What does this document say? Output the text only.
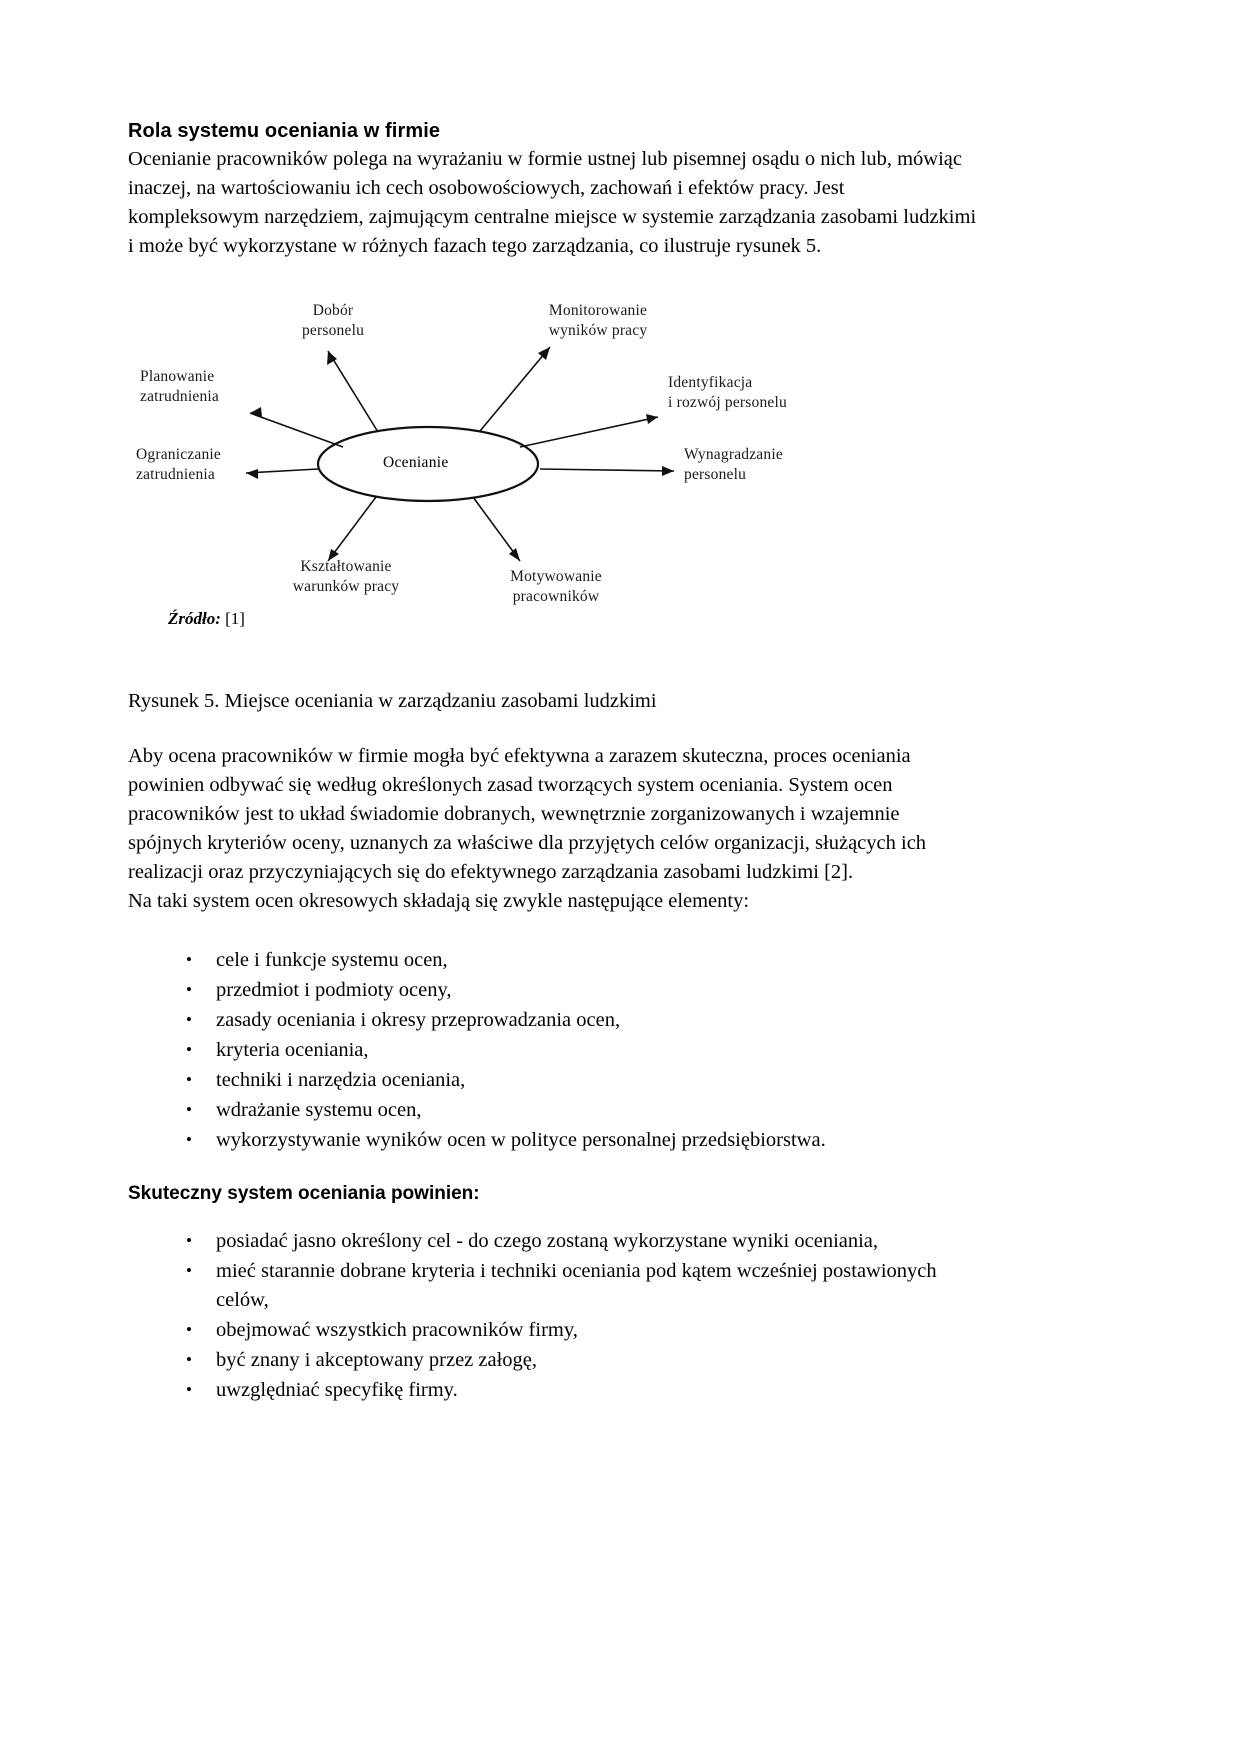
Rola systemu oceniania w firmie

Ocenianie pracowników polega na wyrażaniu w formie ustnej lub pisemnej osądu o nich lub, mówiąc inaczej, na wartościowaniu ich cech osobowościowych, zachowań i efektów pracy. Jest kompleksowym narzędziem, zajmującym centralne miejsce w systemie zarządzania zasobami ludzkimi i może być wykorzystane w różnych fazach tego zarządzania, co ilustruje rysunek 5.

Ocenianie
Dobór
personelu
Monitorowanie
wyników pracy
Planowanie
zatrudnienia
Identyfikacja
i rozwój personelu
Ograniczanie
zatrudnienia
Wynagradzanie
personelu
Kształtowanie
warunków pracy
Motywowanie
pracowników
Źródło: [1]

Rysunek 5. Miejsce oceniania w zarządzaniu zasobami ludzkimi

Aby ocena pracowników w firmie mogła być efektywna a zarazem skuteczna, proces oceniania powinien odbywać się według określonych zasad tworzących system oceniania. System ocen pracowników jest to układ świadomie dobranych, wewnętrznie zorganizowanych i wzajemnie spójnych kryteriów oceny, uznanych za właściwe dla przyjętych celów organizacji, służących ich realizacji oraz przyczyniających się do efektywnego zarządzania zasobami ludzkimi [2].

Na taki system ocen okresowych składają się zwykle następujące elementy:

• cele i funkcje systemu ocen,
• przedmiot i podmioty oceny,
• zasady oceniania i okresy przeprowadzania ocen,
• kryteria oceniania,
• techniki i narzędzia oceniania,
• wdrażanie systemu ocen,
• wykorzystywanie wyników ocen w polityce personalnej przedsiębiorstwa.
Skuteczny system oceniania powinien:
• posiadać jasno określony cel - do czego zostaną wykorzystane wyniki oceniania,
• mieć starannie dobrane kryteria i techniki oceniania pod kątem wcześniej postawionych celów,
• obejmować wszystkich pracowników firmy,
• być znany i akceptowany przez załogę,
• uwzględniać specyfikę firmy.
